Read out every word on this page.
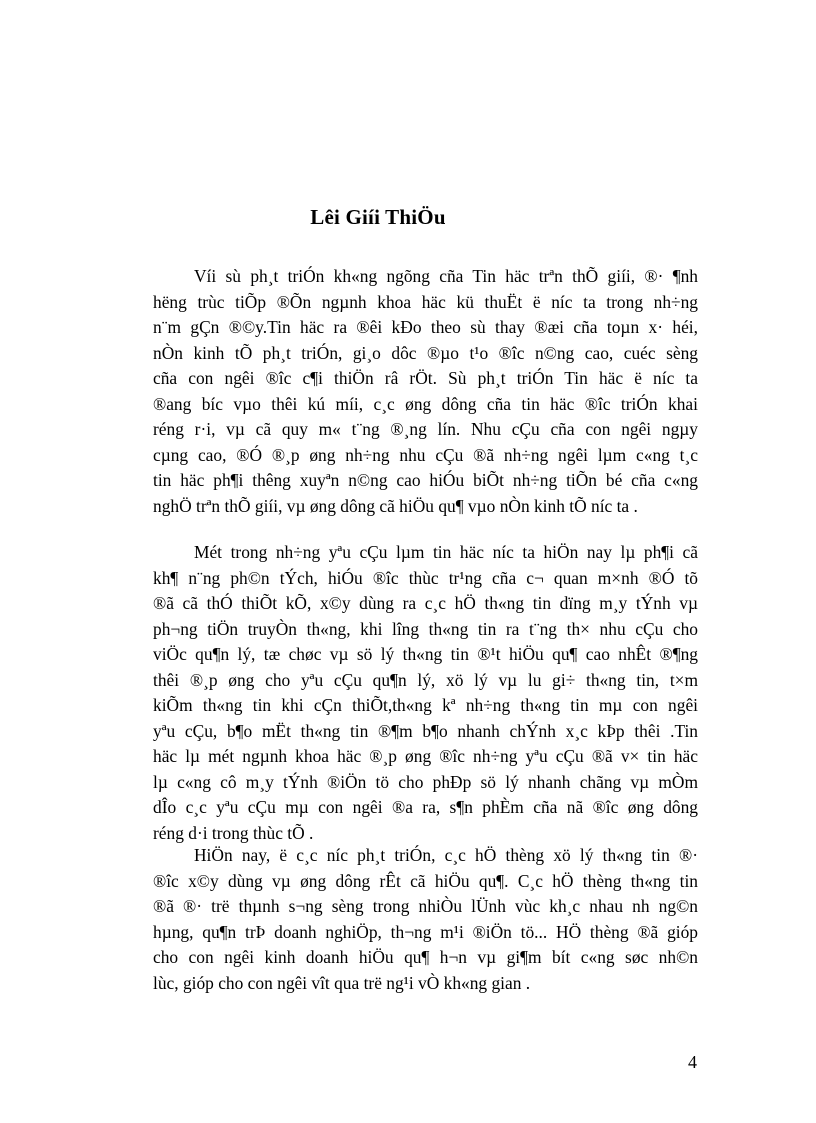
Lêi Giíi ThiÖu
Víi sù ph¸t triÓn kh«ng ngõng cña Tin häc trªn thÕ giíi, ®· ¶nh
hëng trùc tiÕp ®Õn ngµnh khoa häc kü thuËt ë níc ta trong nh÷ng
n¨m gÇn ®©y.Tin häc ra ®êi kÐo theo sù thay ®æi cña toµn x· héi,
nÒn kinh tÕ ph¸t triÓn, gi¸o dôc ®µo t¹o ®îc n©ng cao, cuéc sèng
cña con ngêi ®îc c¶i thiÖn râ rÖt. Sù ph¸t triÓn Tin häc ë níc ta
®ang bíc vµo thêi kú míi, c¸c øng dông cña tin häc ®îc triÓn khai
réng r·i, vµ cã quy m« t¨ng ®¸ng lín. Nhu cÇu cña con ngêi ngµy
cµng cao, ®Ó ®¸p øng nh÷ng nhu cÇu ®ã nh÷ng ngêi lµm c«ng t¸c
tin häc ph¶i thêng xuyªn n©ng cao hiÓu biÕt nh÷ng tiÕn bé cña c«ng
nghÖ trªn thÕ giíi, vµ øng dông cã hiÖu qu¶ vµo nÒn kinh tÕ níc ta .
Mét trong nh÷ng yªu cÇu lµm tin häc níc ta hiÖn nay lµ ph¶i cã
kh¶ n¨ng ph©n tÝch, hiÓu ®îc thùc tr¹ng cña c¬ quan m×nh ®Ó tõ
®ã cã thÓ thiÕt kÕ, x©y dùng ra c¸c hÖ th«ng tin dïng m¸y tÝnh vµ
ph¬ng tiÖn truyÒn th«ng, khi lîng th«ng tin ra t¨ng th× nhu cÇu cho
viÖc qu¶n lý, tæ chøc vµ sö lý th«ng tin ®¹t hiÖu qu¶ cao nhÊt ®¶ng
thêi ®¸p øng cho yªu cÇu qu¶n lý, xö lý vµ lu gi÷ th«ng tin, t×m
kiÕm th«ng tin khi cÇn thiÕt,th«ng kª nh÷ng th«ng tin mµ con ngêi
yªu cÇu, b¶o mËt th«ng tin ®¶m b¶o nhanh chÝnh x¸c kÞp thêi .Tin
häc lµ mét ngµnh khoa häc ®¸p øng ®îc nh÷ng yªu cÇu ®ã v× tin häc
lµ c«ng cô m¸y tÝnh ®iÖn tö cho phÐp sö lý nhanh chãng vµ mÒm
dÎo c¸c yªu cÇu mµ con ngêi ®a ra, s¶n phÈm cña nã ®îc øng dông
réng d·i trong thùc tÕ .
HiÖn nay, ë c¸c níc ph¸t triÓn, c¸c hÖ thèng xö lý th«ng tin ®·
®îc x©y dùng vµ øng dông rÊt cã hiÖu qu¶. C¸c hÖ thèng th«ng tin
®ã ®· trë thµnh s¬ng sèng trong nhiÒu lÜnh vùc kh¸c nhau nh ng©n
hµng, qu¶n trÞ doanh nghiÖp, th¬ng m¹i ®iÖn tö... HÖ thèng ®ã gióp
cho con ngêi kinh doanh hiÖu qu¶ h¬n vµ gi¶m bít c«ng søc nh©n
lùc, gióp cho con ngêi vît qua trë ng¹i vÒ kh«ng gian .
4
